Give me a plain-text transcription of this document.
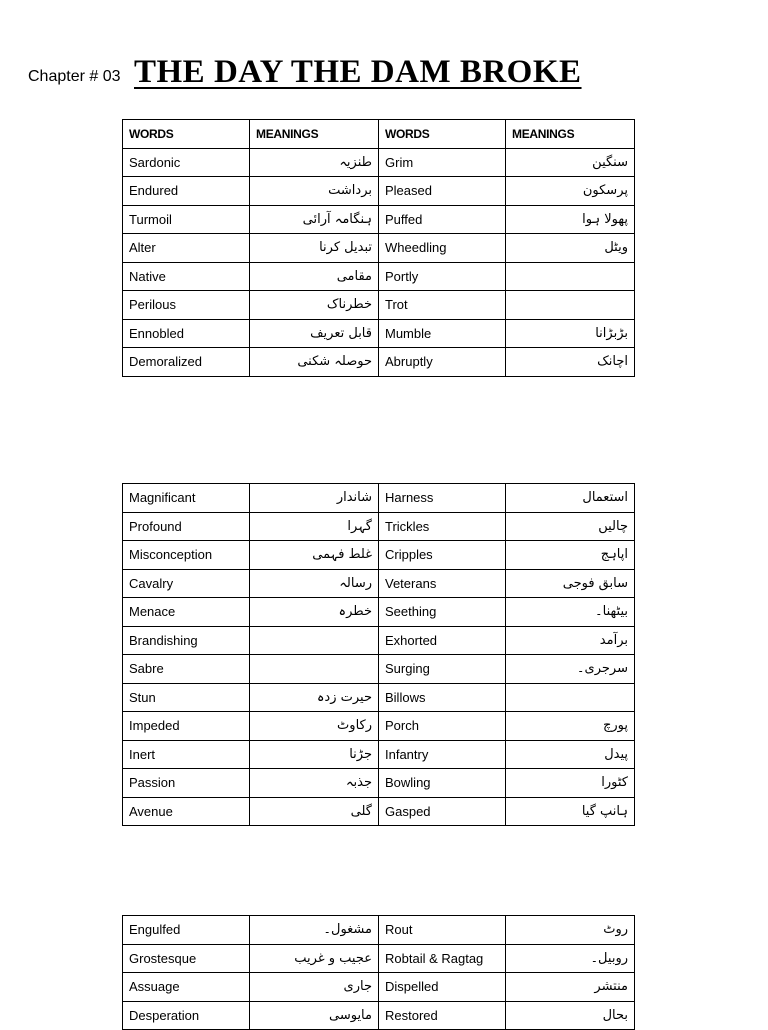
Chapter # 03 THE DAY THE DAM BROKE
WORDS	MEANINGS	WORDS	MEANINGS
Sardonic	طنزیہ	Grim	سنگین
Endured	برداشت	Pleased	پرسکون
Turmoil	ہنگامہ آرائی	Puffed	پھولا ہوا
Alter	تبدیل کرنا	Wheedling	ویٹل
Native	مقامی	Portly	
Perilous	خطرناک	Trot	
Ennobled	قابل تعریف	Mumble	بڑبڑانا
Demoralized	حوصلہ شکنی	Abruptly	اچانک
Magnificant	شاندار	Harness	استعمال
Profound	گہرا	Trickles	چالیں
Misconception	غلط فہمی	Cripples	اپاہج
Cavalry	رسالہ	Veterans	سابق فوجی
Menace	خطرہ	Seething	بیٹھنا۔
Brandishing		Exhorted	برآمد
Sabre		Surging	سرجری۔
Stun	حیرت زدہ	Billows	
Impeded	رکاوٹ	Porch	پورچ
Inert	جڑنا	Infantry	پیدل
Passion	جذبہ	Bowling	کٹورا
Avenue	گلی	Gasped	ہانپ گیا
Engulfed	مشغول۔	Rout	روٹ
Grostesque	عجیب و غریب	Robtail & Ragtag	روبیل۔
Assuage	جاری	Dispelled	منتشر
Desperation	مایوسی	Restored	بحال
